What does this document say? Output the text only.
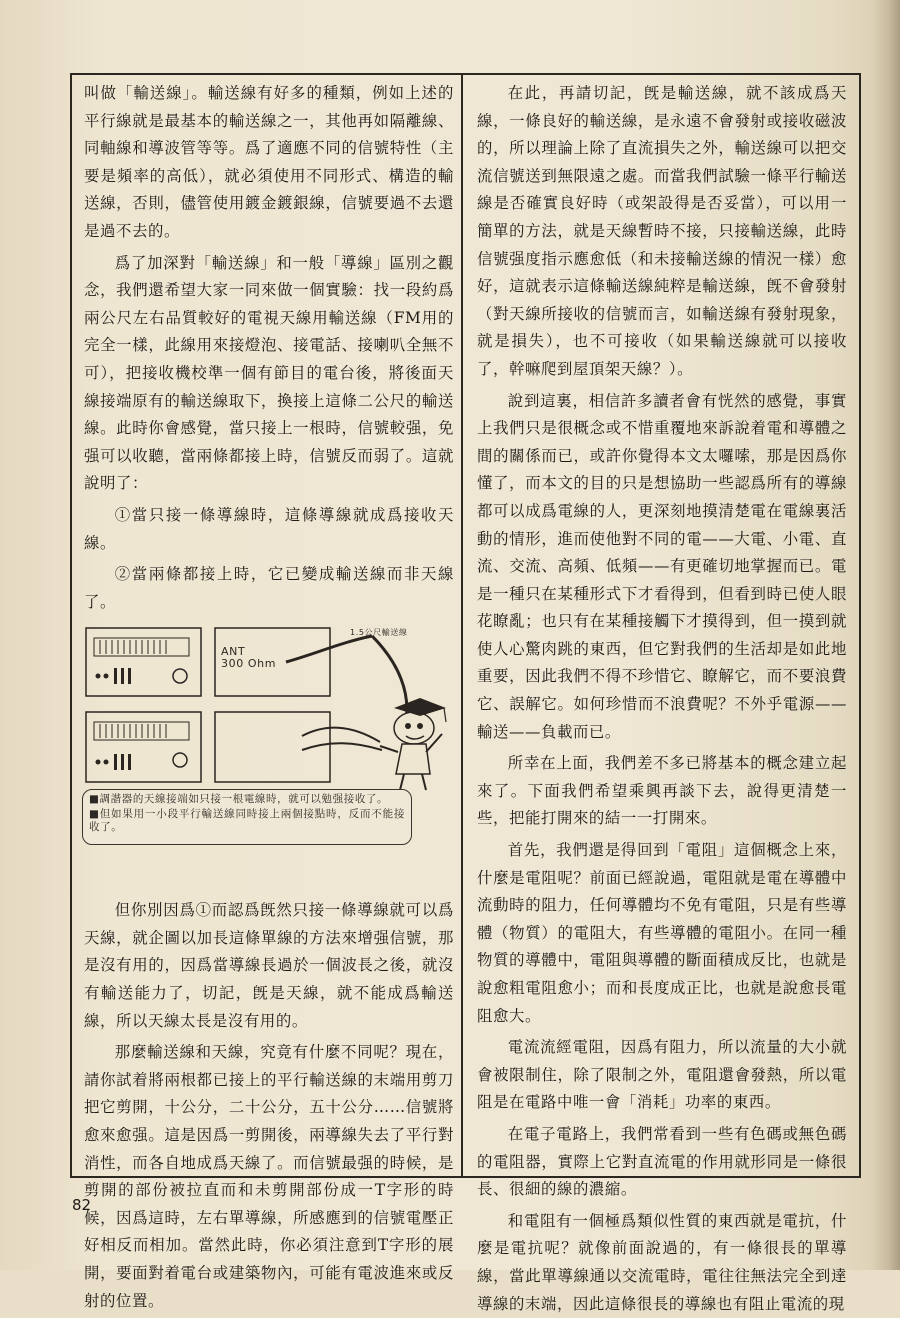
叫做「輸送線」。輸送線有好多的種類，例如上述的平行線就是最基本的輸送線之一，其他再如隔離線、同軸線和導波管等等。爲了適應不同的信號特性（主要是頻率的高低），就必須使用不同形式、構造的輸送線，否則，儘管使用鍍金鍍銀線，信號要過不去還是過不去的。

爲了加深對「輸送線」和一般「導線」區別之觀念，我們還希望大家一同來做一個實驗：找一段約爲兩公尺左右品質較好的電視天線用輸送線（FM用的完全一樣，此線用來接燈泡、接電話、接喇叭全無不可），把接收機校準一個有節目的電台後，將後面天線接端原有的輸送線取下，換接上這條二公尺的輸送線。此時你會感覺，當只接上一根時，信號較强，免强可以收聽，當兩條都接上時，信號反而弱了。這就說明了：

①當只接一條導線時，這條導線就成爲接收天線。

②當兩條都接上時，它已變成輸送線而非天線了。

ANT
300 Ohm
1.5公尺輸送線
■調諧器的天線接端如只接一根電線時，就可以勉强接收了。
■但如果用一小段平行輸送線同時接上兩個接點時，反而不能接收了。

但你別因爲①而認爲旣然只接一條導線就可以爲天線，就企圖以加長這條單線的方法來增强信號，那是沒有用的，因爲當導線長過於一個波長之後，就沒有輸送能力了，切記，旣是天線，就不能成爲輸送線，所以天線太長是沒有用的。

那麼輸送線和天線，究竟有什麼不同呢？現在，請你試着將兩根都已接上的平行輸送線的末端用剪刀把它剪開，十公分，二十公分，五十公分……信號將愈來愈强。這是因爲一剪開後，兩導線失去了平行對消性，而各自地成爲天線了。而信號最强的時候，是剪開的部份被拉直而和未剪開部份成一T字形的時候，因爲這時，左右單導線，所感應到的信號電壓正好相反而相加。當然此時，你必須注意到T字形的展開，要面對着電台或建築物內，可能有電波進來或反射的位置。

在此，再請切記，旣是輸送線，就不該成爲天線，一條良好的輸送線，是永遠不會發射或接收磁波的，所以理論上除了直流損失之外，輸送線可以把交流信號送到無限遠之處。而當我們試驗一條平行輸送線是否確實良好時（或架設得是否妥當），可以用一簡單的方法，就是天線暫時不接，只接輸送線，此時信號强度指示應愈低（和未接輸送線的情況一樣）愈好，這就表示這條輸送線純粹是輸送線，旣不會發射（對天線所接收的信號而言，如輸送線有發射現象，就是損失），也不可接收（如果輸送線就可以接收了，幹嘛爬到屋頂架天線？）。

說到這裏，相信許多讀者會有恍然的感覺，事實上我們只是很概念或不惜重覆地來訴說着電和導體之間的關係而已，或許你覺得本文太囉嗦，那是因爲你懂了，而本文的目的只是想協助一些認爲所有的導線都可以成爲電線的人，更深刻地摸清楚電在電線裏活動的情形，進而使他對不同的電——大電、小電、直流、交流、高頻、低頻——有更確切地掌握而已。電是一種只在某種形式下才看得到，但看到時已使人眼花瞭亂；也只有在某種接觸下才摸得到，但一摸到就使人心驚肉跳的東西，但它對我們的生活却是如此地重要，因此我們不得不珍惜它、瞭解它，而不要浪費它、誤解它。如何珍惜而不浪費呢？不外乎電源——輸送——負載而已。

所幸在上面，我們差不多已將基本的概念建立起來了。下面我們希望乘興再談下去，說得更清楚一些，把能打開來的結一一打開來。

首先，我們還是得回到「電阻」這個概念上來，什麼是電阻呢？前面已經說過，電阻就是電在導體中流動時的阻力，任何導體均不免有電阻，只是有些導體（物質）的電阻大，有些導體的電阻小。在同一種物質的導體中，電阻與導體的斷面積成反比，也就是說愈粗電阻愈小；而和長度成正比，也就是說愈長電阻愈大。

電流流經電阻，因爲有阻力，所以流量的大小就會被限制住，除了限制之外，電阻還會發熱，所以電阻是在電路中唯一會「消耗」功率的東西。

在電子電路上，我們常看到一些有色碼或無色碼的電阻器，實際上它對直流電的作用就形同是一條很長、很細的線的濃縮。

和電阻有一個極爲類似性質的東西就是電抗，什麼是電抗呢？就像前面說過的，有一條很長的單導線，當此單導線通以交流電時，電往往無法完全到達導線的末端，因此這條很長的導線也有阻止電流的現

82
